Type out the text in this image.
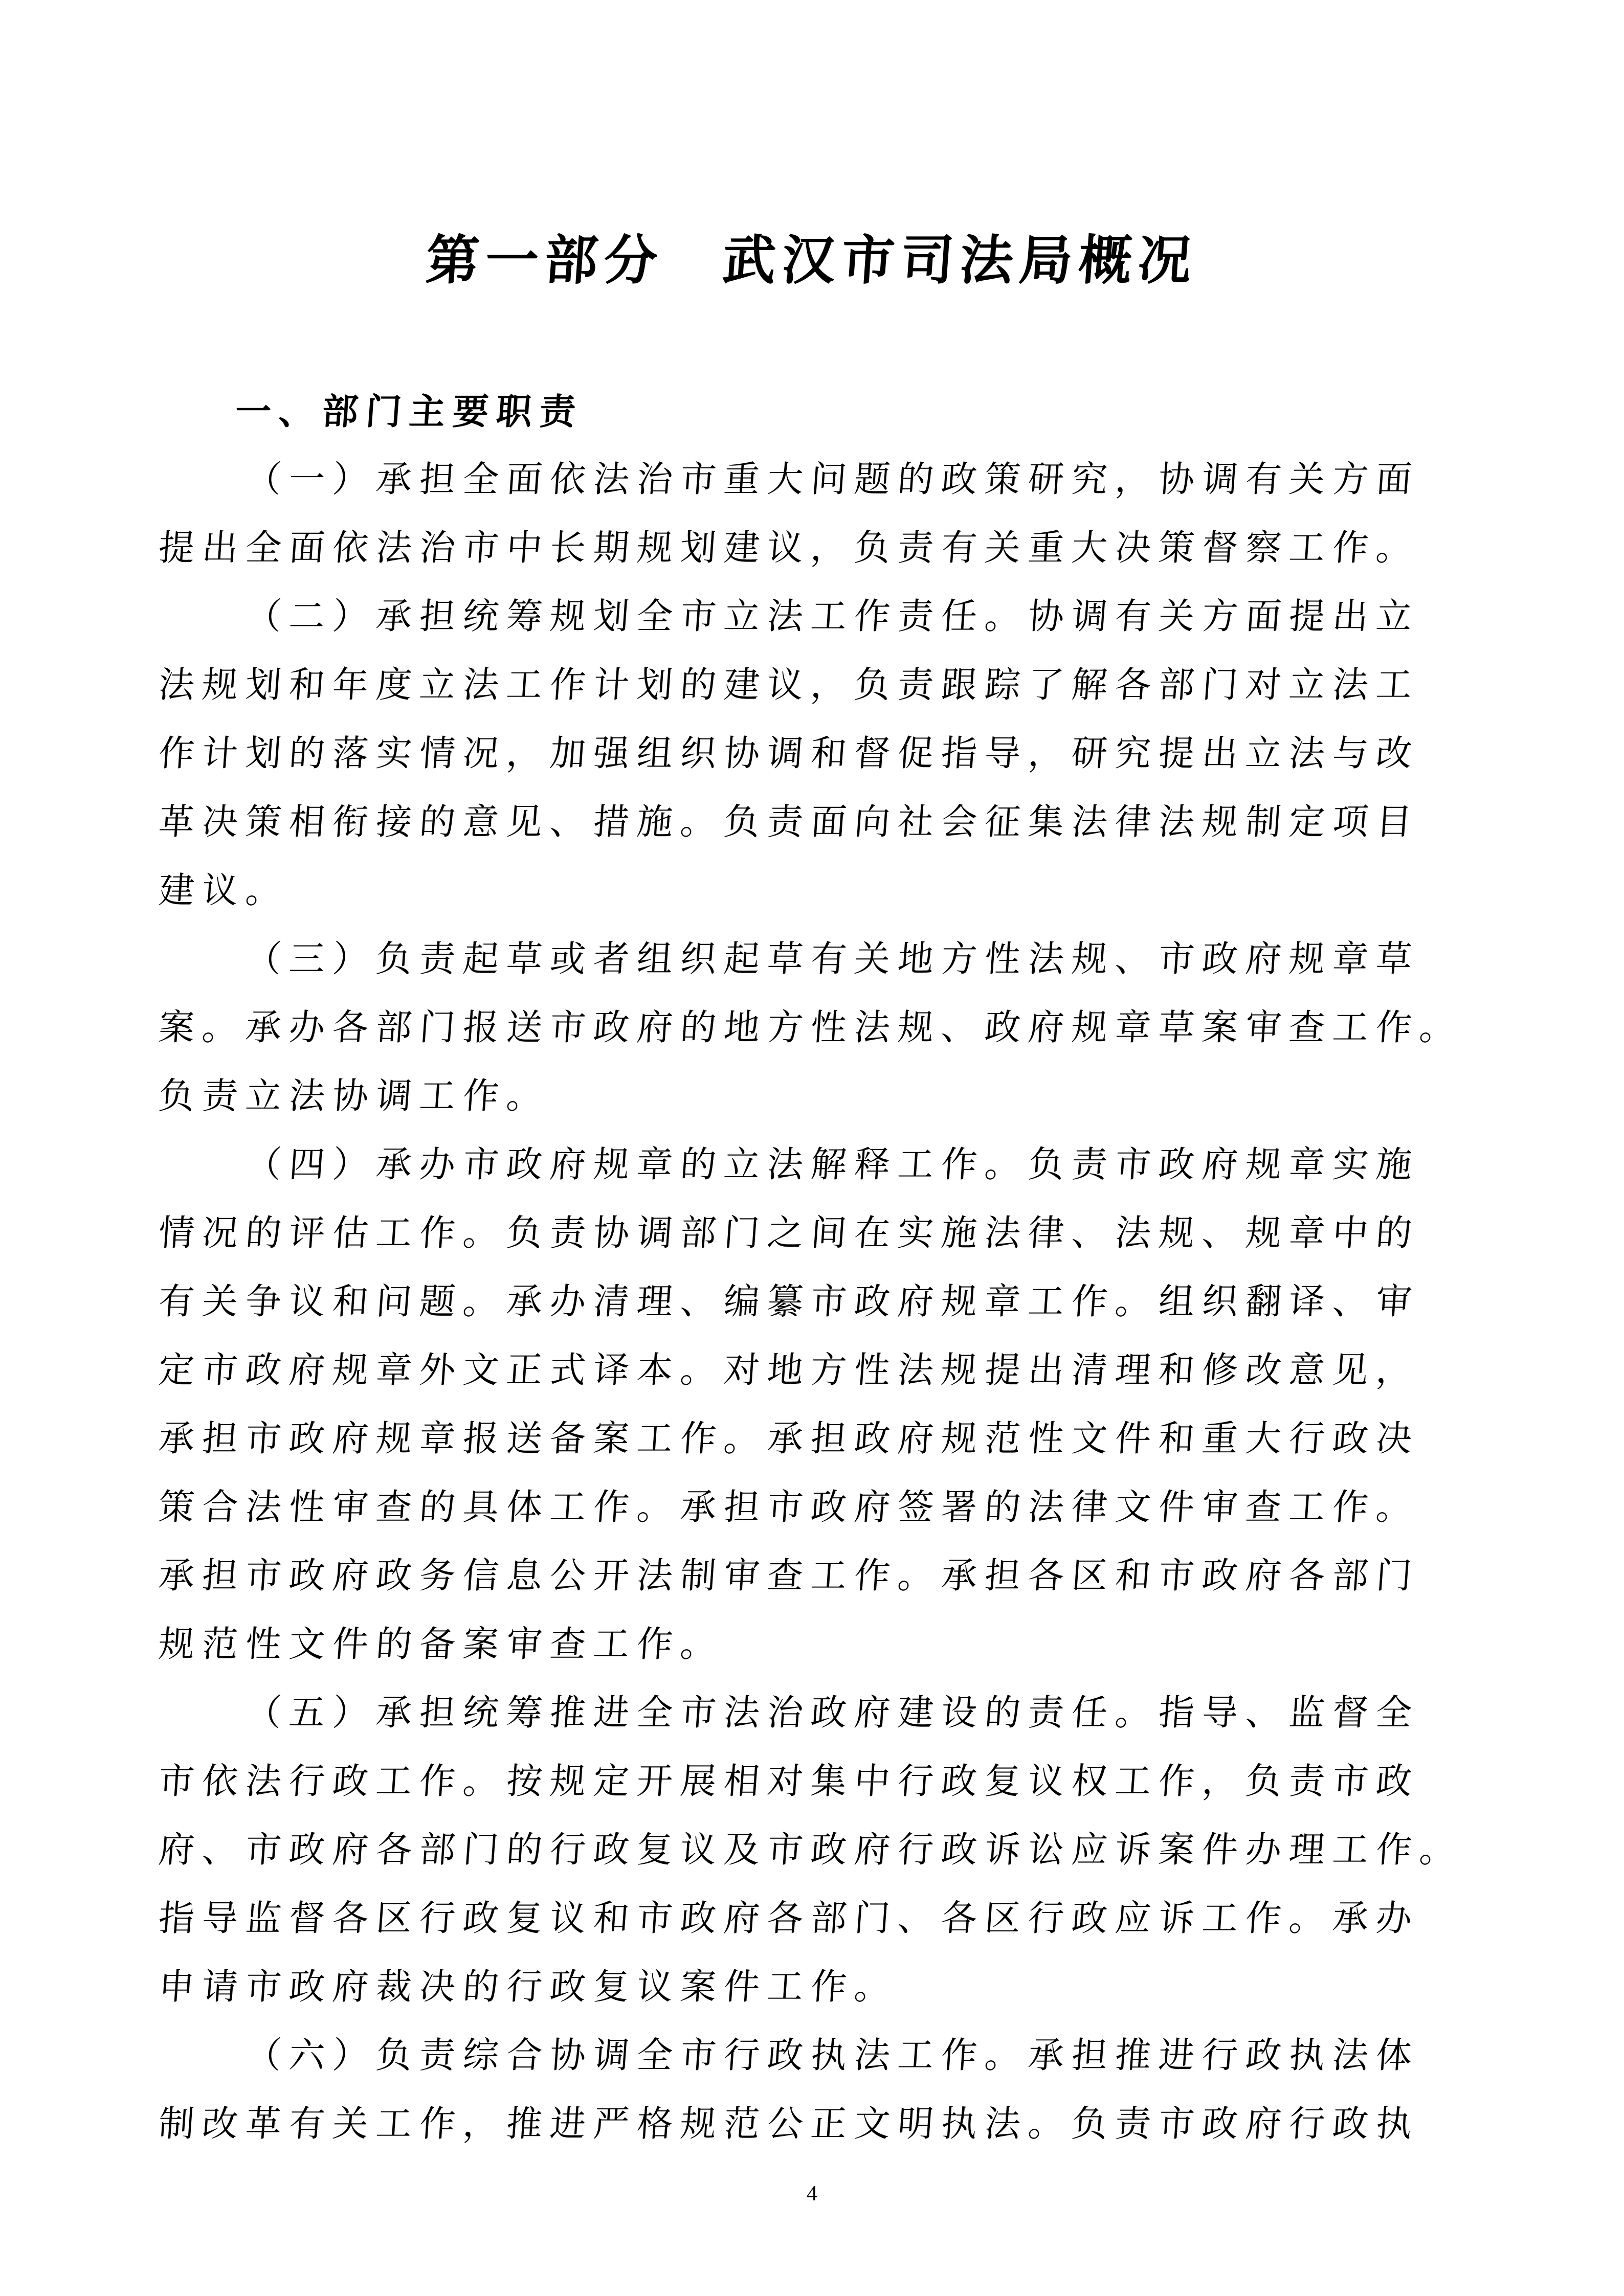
第一部分　武汉市司法局概况
一、部门主要职责
（一）承担全面依法治市重大问题的政策研究，协调有关方面
提出全面依法治市中长期规划建议，负责有关重大决策督察工作。
（二）承担统筹规划全市立法工作责任。协调有关方面提出立
法规划和年度立法工作计划的建议，负责跟踪了解各部门对立法工
作计划的落实情况，加强组织协调和督促指导，研究提出立法与改
革决策相衔接的意见、措施。负责面向社会征集法律法规制定项目
建议。
（三）负责起草或者组织起草有关地方性法规、市政府规章草
案。承办各部门报送市政府的地方性法规、政府规章草案审查工作。
负责立法协调工作。
（四）承办市政府规章的立法解释工作。负责市政府规章实施
情况的评估工作。负责协调部门之间在实施法律、法规、规章中的
有关争议和问题。承办清理、编纂市政府规章工作。组织翻译、审
定市政府规章外文正式译本。对地方性法规提出清理和修改意见，
承担市政府规章报送备案工作。承担政府规范性文件和重大行政决
策合法性审查的具体工作。承担市政府签署的法律文件审查工作。
承担市政府政务信息公开法制审查工作。承担各区和市政府各部门
规范性文件的备案审查工作。
（五）承担统筹推进全市法治政府建设的责任。指导、监督全
市依法行政工作。按规定开展相对集中行政复议权工作，负责市政
府、市政府各部门的行政复议及市政府行政诉讼应诉案件办理工作。
指导监督各区行政复议和市政府各部门、各区行政应诉工作。承办
申请市政府裁决的行政复议案件工作。
（六）负责综合协调全市行政执法工作。承担推进行政执法体
制改革有关工作，推进严格规范公正文明执法。负责市政府行政执
4
